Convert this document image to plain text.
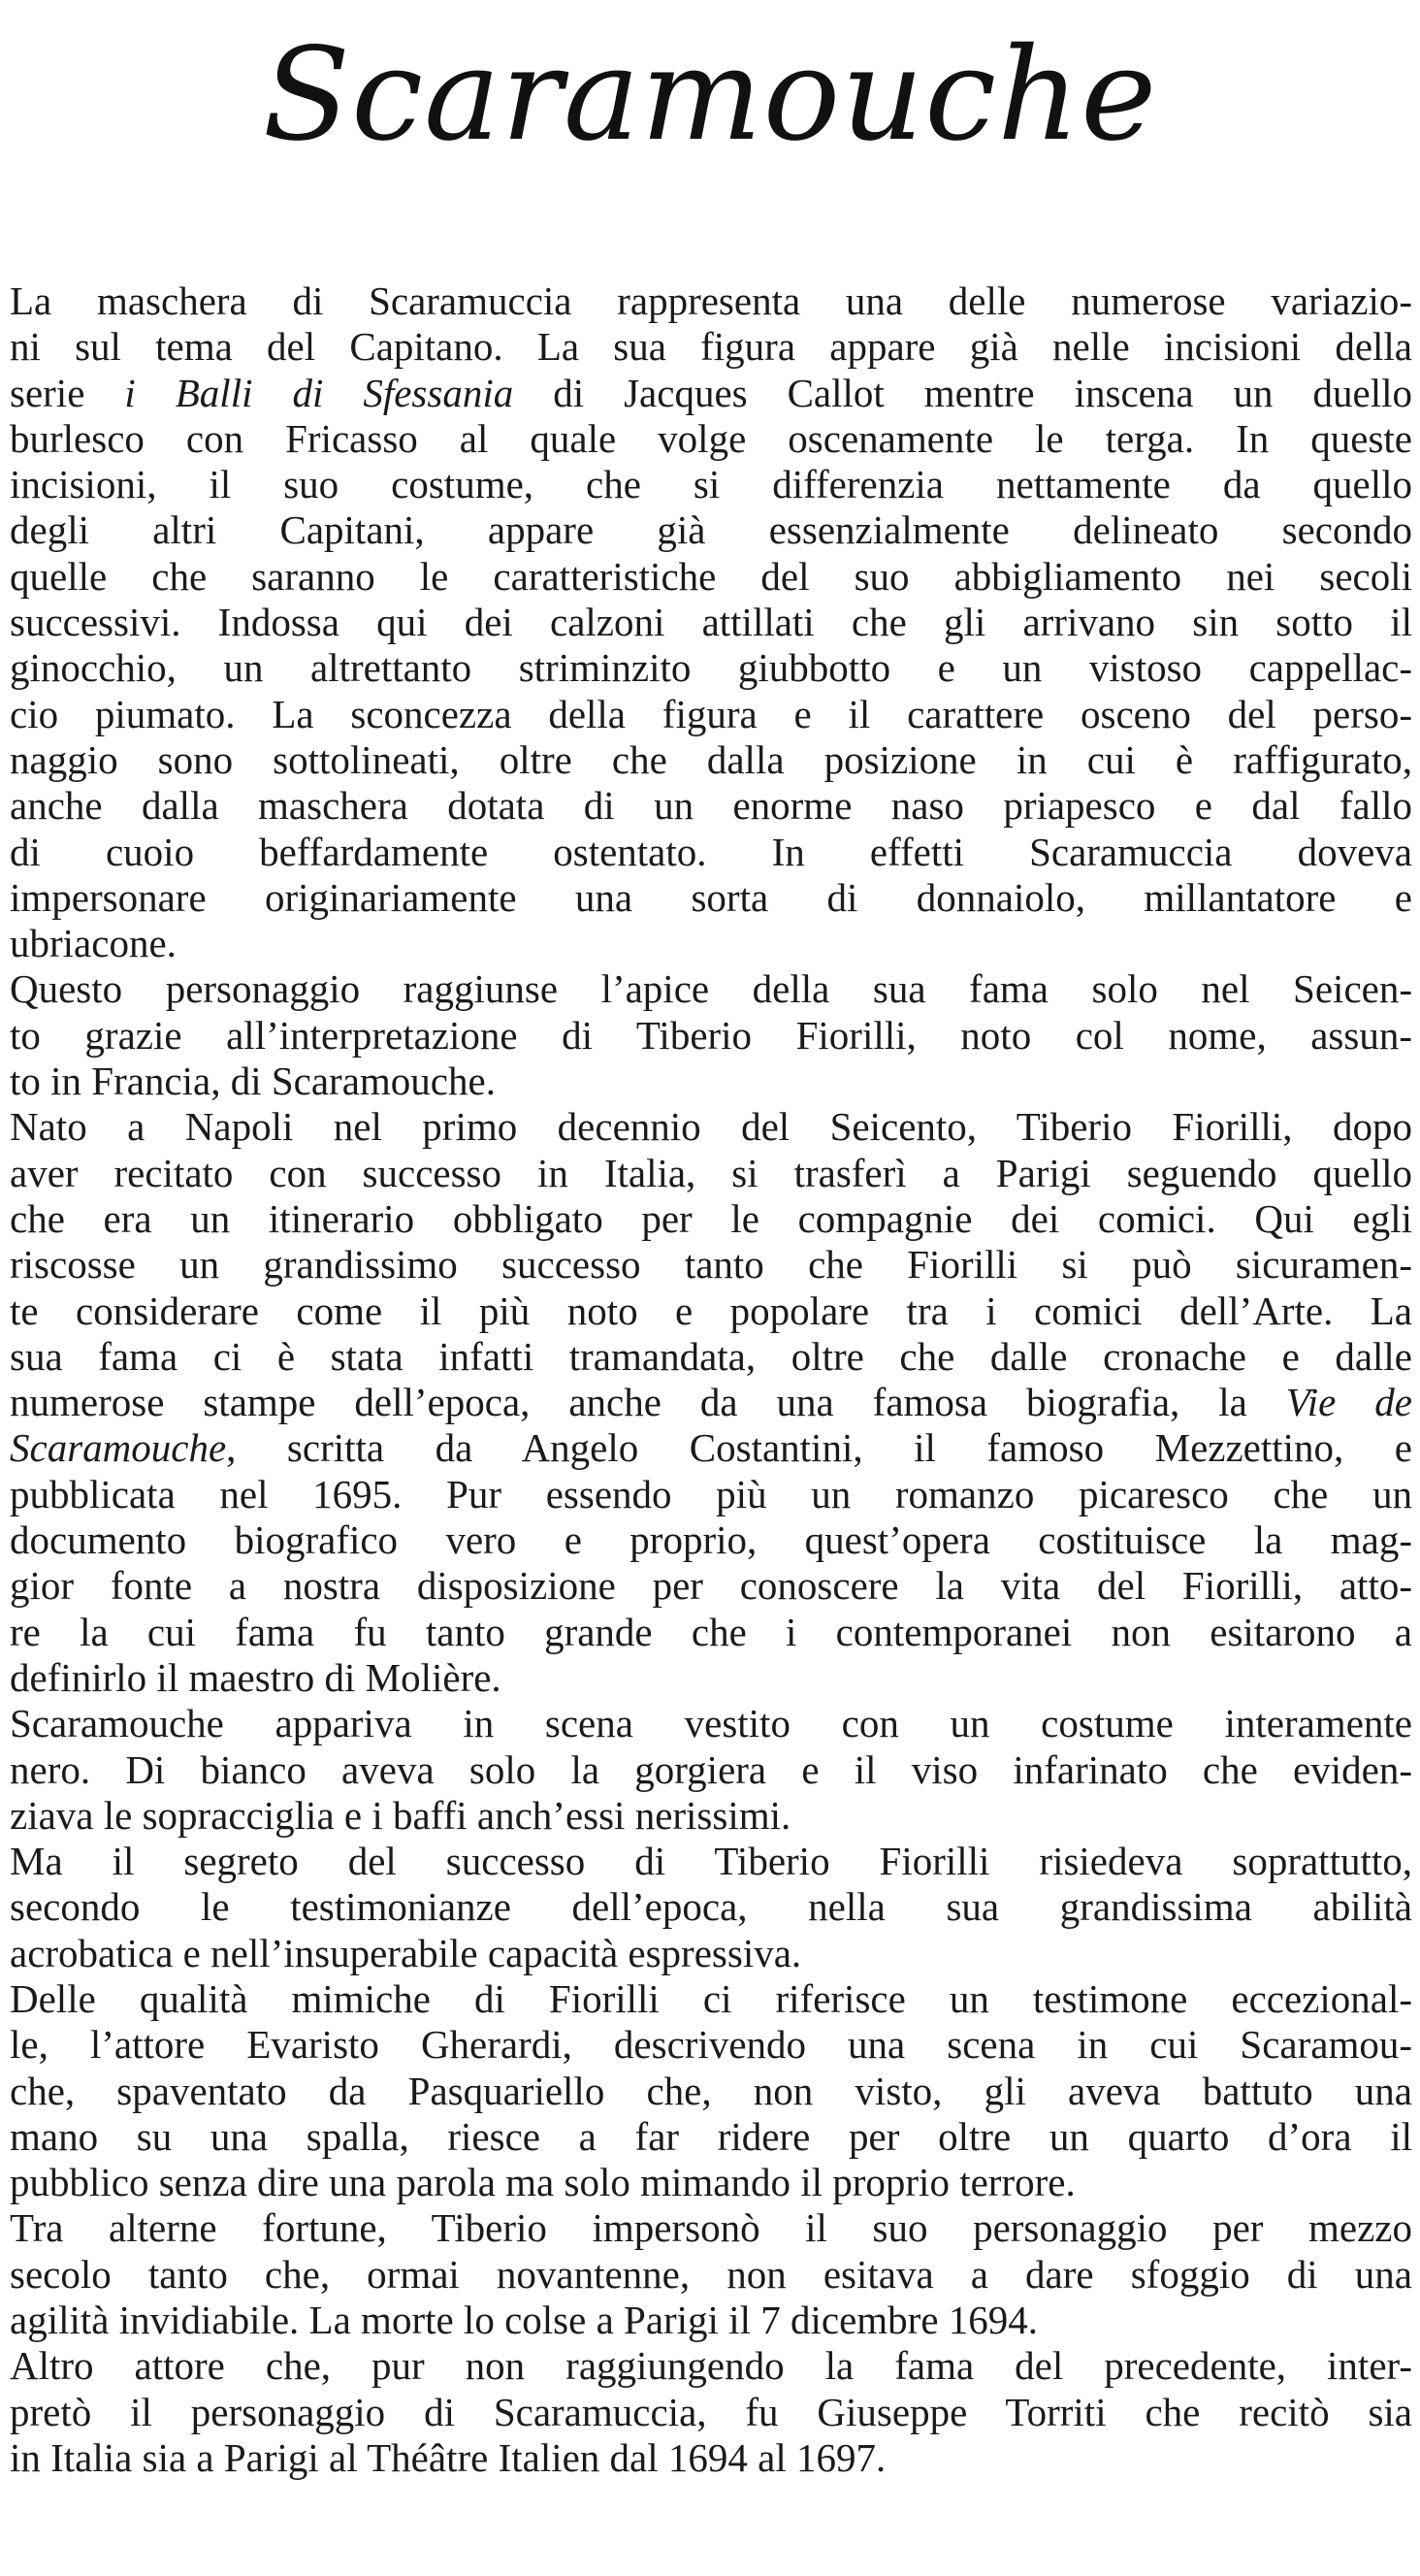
Scaramouche

La maschera di Scaramuccia rappresenta una delle numerose variazio-
ni sul tema del Capitano. La sua figura appare già nelle incisioni della
serie i Balli di Sfessania di Jacques Callot mentre inscena un duello
burlesco con Fricasso al quale volge oscenamente le terga. In queste
incisioni, il suo costume, che si differenzia nettamente da quello
degli altri Capitani, appare già essenzialmente delineato secondo
quelle che saranno le caratteristiche del suo abbigliamento nei secoli
successivi. Indossa qui dei calzoni attillati che gli arrivano sin sotto il
ginocchio, un altrettanto striminzito giubbotto e un vistoso cappellac-
cio piumato. La sconcezza della figura e il carattere osceno del perso-
naggio sono sottolineati, oltre che dalla posizione in cui è raffigurato,
anche dalla maschera dotata di un enorme naso priapesco e dal fallo
di cuoio beffardamente ostentato. In effetti Scaramuccia doveva
impersonare originariamente una sorta di donnaiolo, millantatore e
ubriacone.

Questo personaggio raggiunse l’apice della sua fama solo nel Seicen-
to grazie all’interpretazione di Tiberio Fiorilli, noto col nome, assun-
to in Francia, di Scaramouche.

Nato a Napoli nel primo decennio del Seicento, Tiberio Fiorilli, dopo
aver recitato con successo in Italia, si trasferì a Parigi seguendo quello
che era un itinerario obbligato per le compagnie dei comici. Qui egli
riscosse un grandissimo successo tanto che Fiorilli si può sicuramen-
te considerare come il più noto e popolare tra i comici dell’Arte. La
sua fama ci è stata infatti tramandata, oltre che dalle cronache e dalle
numerose stampe dell’epoca, anche da una famosa biografia, la Vie de
Scaramouche, scritta da Angelo Costantini, il famoso Mezzettino, e
pubblicata nel 1695. Pur essendo più un romanzo picaresco che un
documento biografico vero e proprio, quest’opera costituisce la mag-
gior fonte a nostra disposizione per conoscere la vita del Fiorilli, atto-
re la cui fama fu tanto grande che i contemporanei non esitarono a
definirlo il maestro di Molière.

Scaramouche appariva in scena vestito con un costume interamente
nero. Di bianco aveva solo la gorgiera e il viso infarinato che eviden-
ziava le sopracciglia e i baffi anch’essi nerissimi.

Ma il segreto del successo di Tiberio Fiorilli risiedeva soprattutto,
secondo le testimonianze dell’epoca, nella sua grandissima abilità
acrobatica e nell’insuperabile capacità espressiva.

Delle qualità mimiche di Fiorilli ci riferisce un testimone eccezional-
le, l’attore Evaristo Gherardi, descrivendo una scena in cui Scaramou-
che, spaventato da Pasquariello che, non visto, gli aveva battuto una
mano su una spalla, riesce a far ridere per oltre un quarto d’ora il
pubblico senza dire una parola ma solo mimando il proprio terrore.

Tra alterne fortune, Tiberio impersonò il suo personaggio per mezzo
secolo tanto che, ormai novantenne, non esitava a dare sfoggio di una
agilità invidiabile. La morte lo colse a Parigi il 7 dicembre 1694.

Altro attore che, pur non raggiungendo la fama del precedente, inter-
pretò il personaggio di Scaramuccia, fu Giuseppe Torriti che recitò sia
in Italia sia a Parigi al Théâtre Italien dal 1694 al 1697.
